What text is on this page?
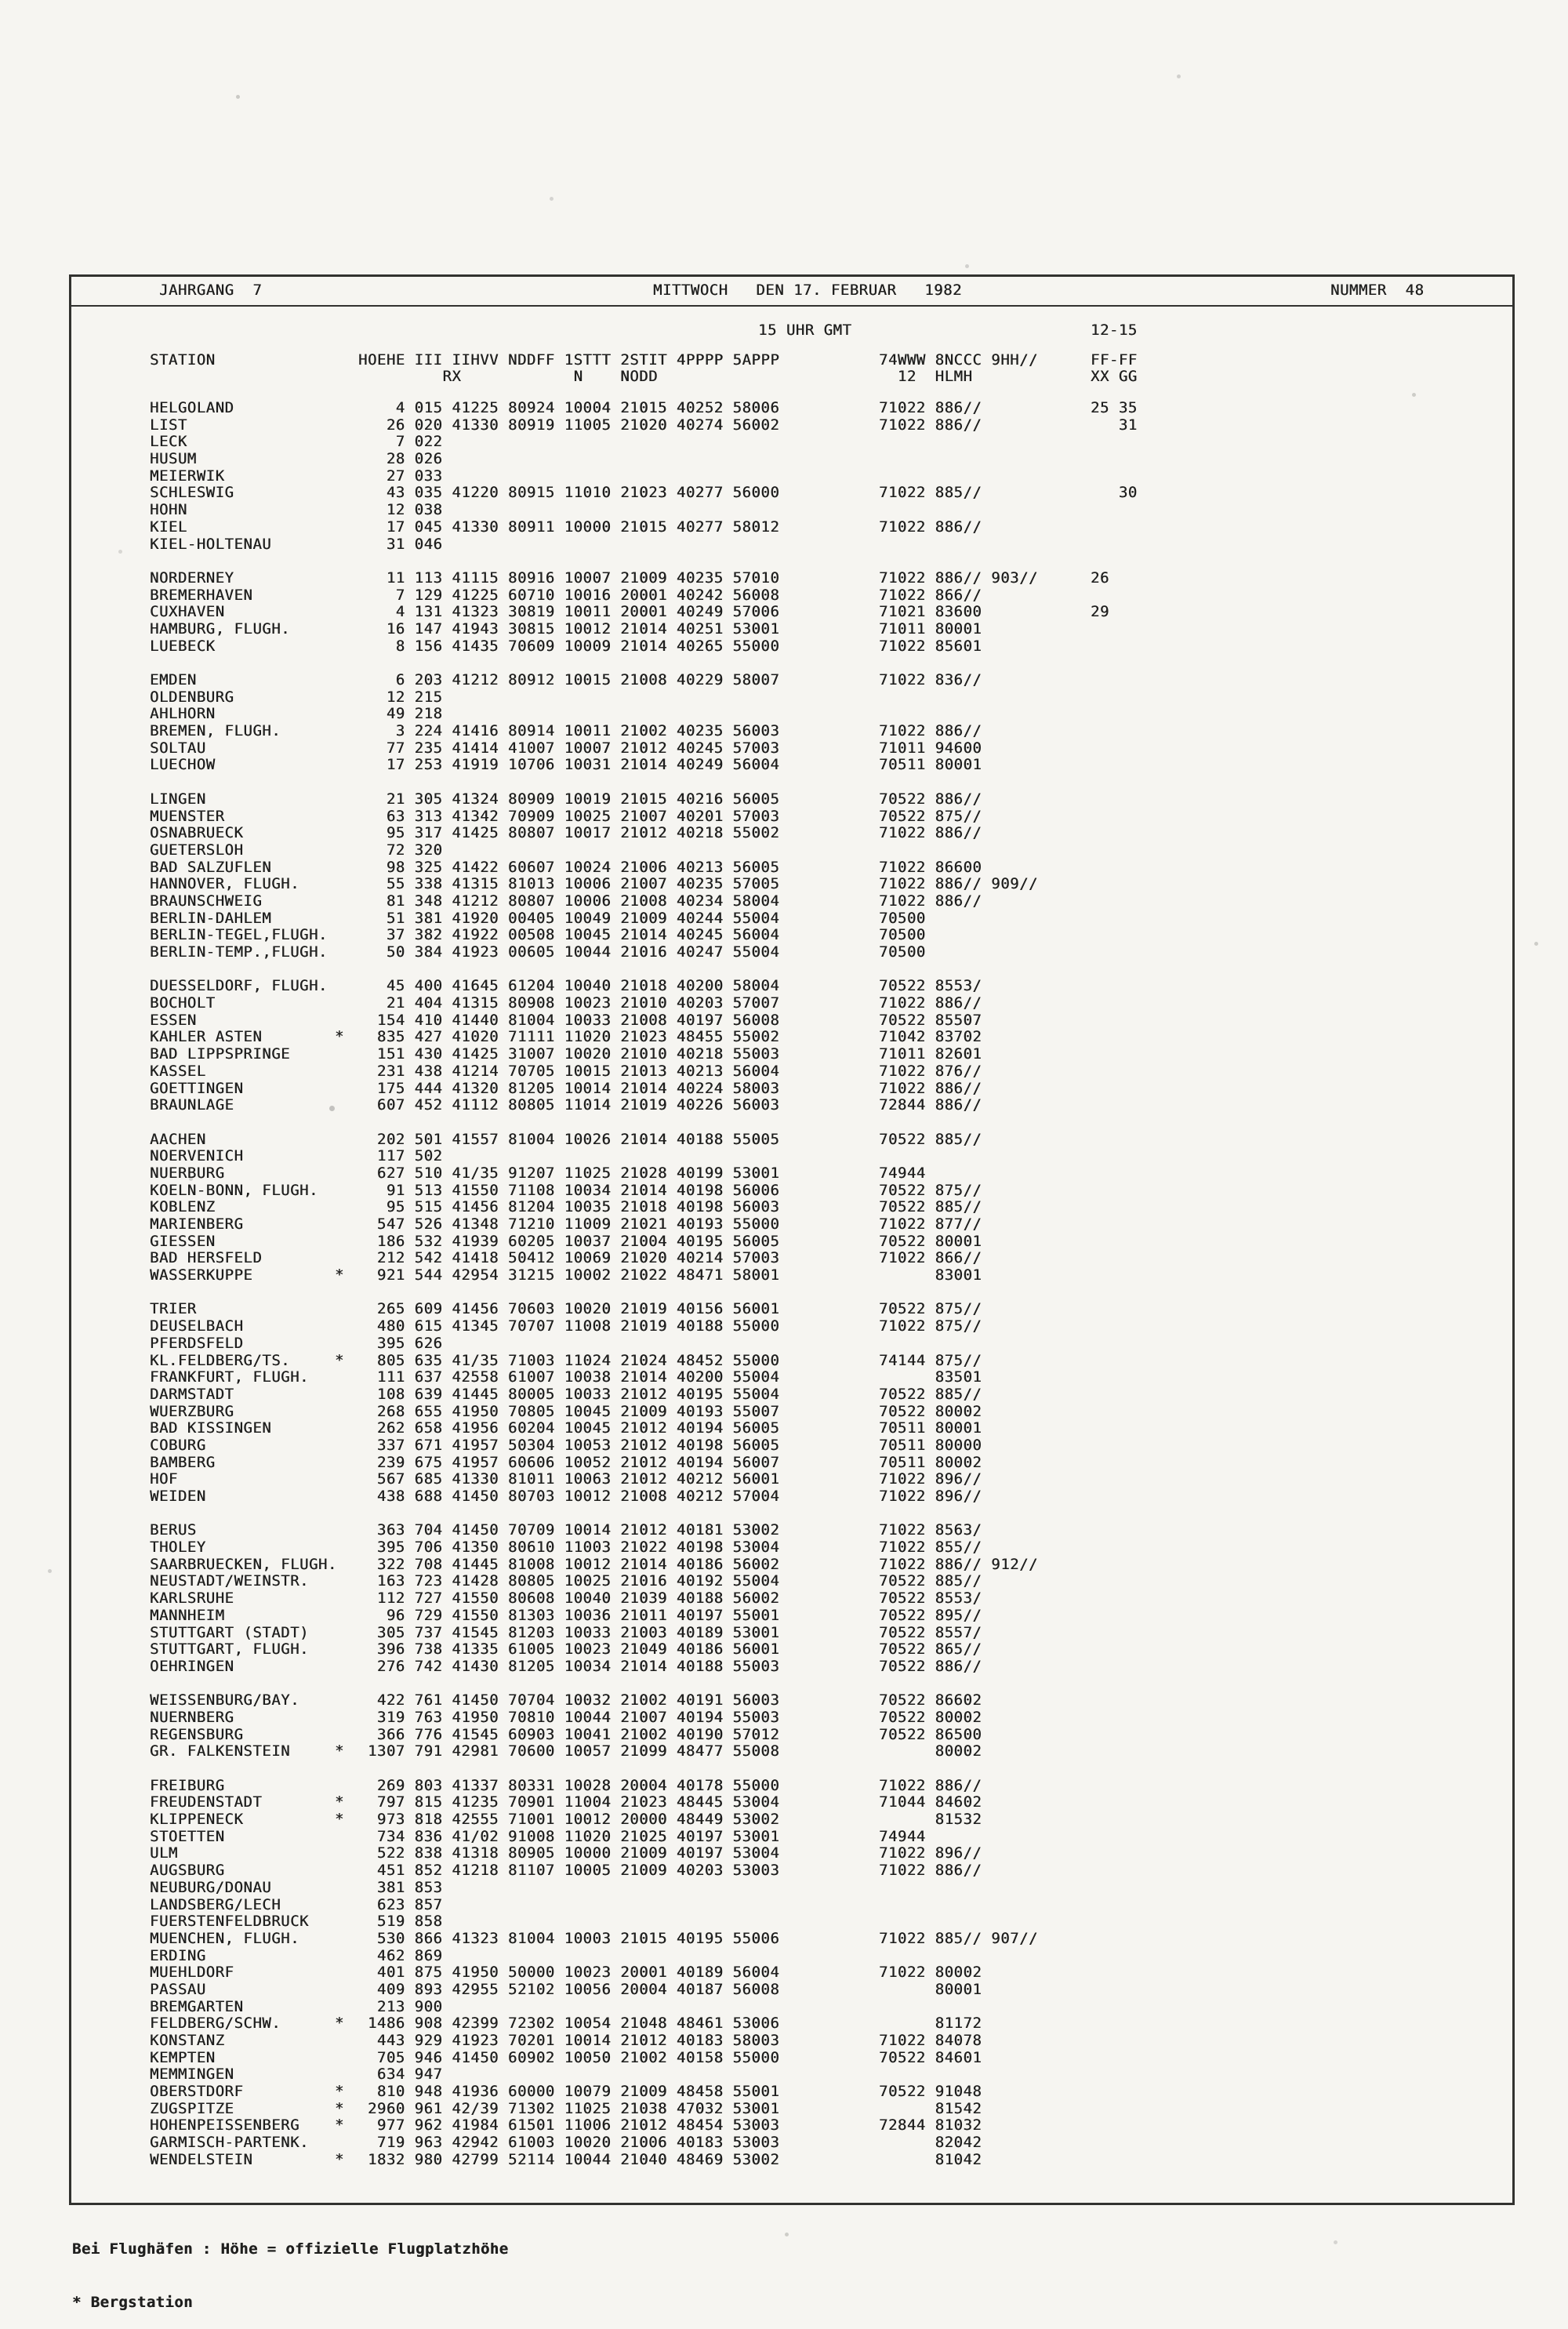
JAHRGANG  7	MITTWOCH   DEN 17. FEBRUAR   1982	NUMMER  48
15 UHR GMT	12-15
STATION	HOEHE III IIHVV NDDFF 1STTT 2STIT 4PPPP 5APPP	74WWW 8NCCC 9HH//	FF-FF
RX            N    NODD	12  HLMH	XX GG
HELGOLAND	4 015 41225 80924 10004 21015 40252 58006	71022 886//	25 35
LIST	26 020 41330 80919 11005 21020 40274 56002	71022 886//	31
LECK	7 022
HUSUM	28 026
MEIERWIK	27 033
SCHLESWIG	43 035 41220 80915 11010 21023 40277 56000	71022 885//	30
HOHN	12 038
KIEL	17 045 41330 80911 10000 21015 40277 58012	71022 886//
KIEL-HOLTENAU	31 046
NORDERNEY	11 113 41115 80916 10007 21009 40235 57010	71022 886// 903//	26
BREMERHAVEN	7 129 41225 60710 10016 20001 40242 56008	71022 866//
CUXHAVEN	4 131 41323 30819 10011 20001 40249 57006	71021 83600	29
HAMBURG, FLUGH.	16 147 41943 30815 10012 21014 40251 53001	71011 80001
LUEBECK	8 156 41435 70609 10009 21014 40265 55000	71022 85601
EMDEN	6 203 41212 80912 10015 21008 40229 58007	71022 836//
OLDENBURG	12 215
AHLHORN	49 218
BREMEN, FLUGH.	3 224 41416 80914 10011 21002 40235 56003	71022 886//
SOLTAU	77 235 41414 41007 10007 21012 40245 57003	71011 94600
LUECHOW	17 253 41919 10706 10031 21014 40249 56004	70511 80001
LINGEN	21 305 41324 80909 10019 21015 40216 56005	70522 886//
MUENSTER	63 313 41342 70909 10025 21007 40201 57003	70522 875//
OSNABRUECK	95 317 41425 80807 10017 21012 40218 55002	71022 886//
GUETERSLOH	72 320
BAD SALZUFLEN	98 325 41422 60607 10024 21006 40213 56005	71022 86600
HANNOVER, FLUGH.	55 338 41315 81013 10006 21007 40235 57005	71022 886// 909//
BRAUNSCHWEIG	81 348 41212 80807 10006 21008 40234 58004	71022 886//
BERLIN-DAHLEM	51 381 41920 00405 10049 21009 40244 55004	70500
BERLIN-TEGEL,FLUGH. 37 382 41922 00508 10045 21014 40245 56004	70500
BERLIN-TEMP.,FLUGH. 50 384 41923 00605 10044 21016 40247 55004	70500
DUESSELDORF, FLUGH. 45 400 41645 61204 10040 21018 40200 58004	70522 8553/
BOCHOLT	21 404 41315 80908 10023 21010 40203 57007	71022 886//
ESSEN	154 410 41440 81004 10033 21008 40197 56008	70522 85507
KAHLER ASTEN	* 835 427 41020 71111 11020 21023 48455 55002	71042 83702
BAD LIPPSPRINGE	151 430 41425 31007 10020 21010 40218 55003	71011 82601
KASSEL	231 438 41214 70705 10015 21013 40213 56004	71022 876//
GOETTINGEN	175 444 41320 81205 10014 21014 40224 58003	71022 886//
BRAUNLAGE	607 452 41112 80805 11014 21019 40226 56003	72844 886//
AACHEN	202 501 41557 81004 10026 21014 40188 55005	70522 885//
NOERVENICH	117 502
NUERBURG	627 510 41/35 91207 11025 21028 40199 53001	74944
KOELN-BONN, FLUGH.	91 513 41550 71108 10034 21014 40198 56006	70522 875//
KOBLENZ	95 515 41456 81204 10035 21018 40198 56003	70522 885//
MARIENBERG	547 526 41348 71210 11009 21021 40193 55000	71022 877//
GIESSEN	186 532 41939 60205 10037 21004 40195 56005	70522 80001
BAD HERSFELD	212 542 41418 50412 10069 21020 40214 57003	71022 866//
WASSERKUPPE	* 921 544 42954 31215 10002 21022 48471 58001	83001
TRIER	265 609 41456 70603 10020 21019 40156 56001	70522 875//
DEUSELBACH	480 615 41345 70707 11008 21019 40188 55000	71022 875//
PFERDSFELD	395 626
KL.FELDBERG/TS.	* 805 635 41/35 71003 11024 21024 48452 55000	74144 875//
FRANKFURT, FLUGH.	111 637 42558 61007 10038 21014 40200 55004	83501
DARMSTADT	108 639 41445 80005 10033 21012 40195 55004	70522 885//
WUERZBURG	268 655 41950 70805 10045 21009 40193 55007	70522 80002
BAD KISSINGEN	262 658 41956 60204 10045 21012 40194 56005	70511 80001
COBURG	337 671 41957 50304 10053 21012 40198 56005	70511 80000
BAMBERG	239 675 41957 60606 10052 21012 40194 56007	70511 80002
HOF	567 685 41330 81011 10063 21012 40212 56001	71022 896//
WEIDEN	438 688 41450 80703 10012 21008 40212 57004	71022 896//
BERUS	363 704 41450 70709 10014 21012 40181 53002	71022 8563/
THOLEY	395 706 41350 80610 11003 21022 40198 53004	71022 855//
SAARBRUECKEN, FLUGH. 322 708 41445 81008 10012 21014 40186 56002	71022 886// 912//
NEUSTADT/WEINSTR.	163 723 41428 80805 10025 21016 40192 55004	70522 885//
KARLSRUHE	112 727 41550 80608 10040 21039 40188 56002	70522 8553/
MANNHEIM	96 729 41550 81303 10036 21011 40197 55001	70522 895//
STUTTGART (STADT)	305 737 41545 81203 10033 21003 40189 53001	70522 8557/
STUTTGART, FLUGH.	396 738 41335 61005 10023 21049 40186 56001	70522 865//
OEHRINGEN	276 742 41430 81205 10034 21014 40188 55003	70522 886//
WEISSENBURG/BAY.	422 761 41450 70704 10032 21002 40191 56003	70522 86602
NUERNBERG	319 763 41950 70810 10044 21007 40194 55003	70522 80002
REGENSBURG	366 776 41545 60903 10041 21002 40190 57012	70522 86500
GR. FALKENSTEIN	* 1307 791 42981 70600 10057 21099 48477 55008	80002
FREIBURG	269 803 41337 80331 10028 20004 40178 55000	71022 886//
FREUDENSTADT	* 797 815 41235 70901 11004 21023 48445 53004	71044 84602
KLIPPENECK	* 973 818 42555 71001 10012 20000 48449 53002	81532
STOETTEN	734 836 41/02 91008 11020 21025 40197 53001	74944
ULM	522 838 41318 80905 10000 21009 40197 53004	71022 896//
AUGSBURG	451 852 41218 81107 10005 21009 40203 53003	71022 886//
NEUBURG/DONAU	381 853
LANDSBERG/LECH	623 857
FUERSTENFELDBRUCK	519 858
MUENCHEN, FLUGH.	530 866 41323 81004 10003 21015 40195 55006	71022 885// 907//
ERDING	462 869
MUEHLDORF	401 875 41950 50000 10023 20001 40189 56004	71022 80002
PASSAU	409 893 42955 52102 10056 20004 40187 56008	80001
BREMGARTEN	213 900
FELDBERG/SCHW.	* 1486 908 42399 72302 10054 21048 48461 53006	81172
KONSTANZ	443 929 41923 70201 10014 21012 40183 58003	71022 84078
KEMPTEN	705 946 41450 60902 10050 21002 40158 55000	70522 84601
MEMMINGEN	634 947
OBERSTDORF	* 810 948 41936 60000 10079 21009 48458 55001	70522 91048
ZUGSPITZE	* 2960 961 42/39 71302 11025 21038 47032 53001	81542
HOHENPEISSENBERG * 977 962 41984 61501 11006 21012 48454 53003	72844 81032
GARMISCH-PARTENK.	719 963 42942 61003 10020 21006 40183 53003	82042
WENDELSTEIN	* 1832 980 42799 52114 10044 21040 48469 53002	81042

Bei Flughäfen : Höhe = offizielle Flugplatzhöhe

* Bergstation
